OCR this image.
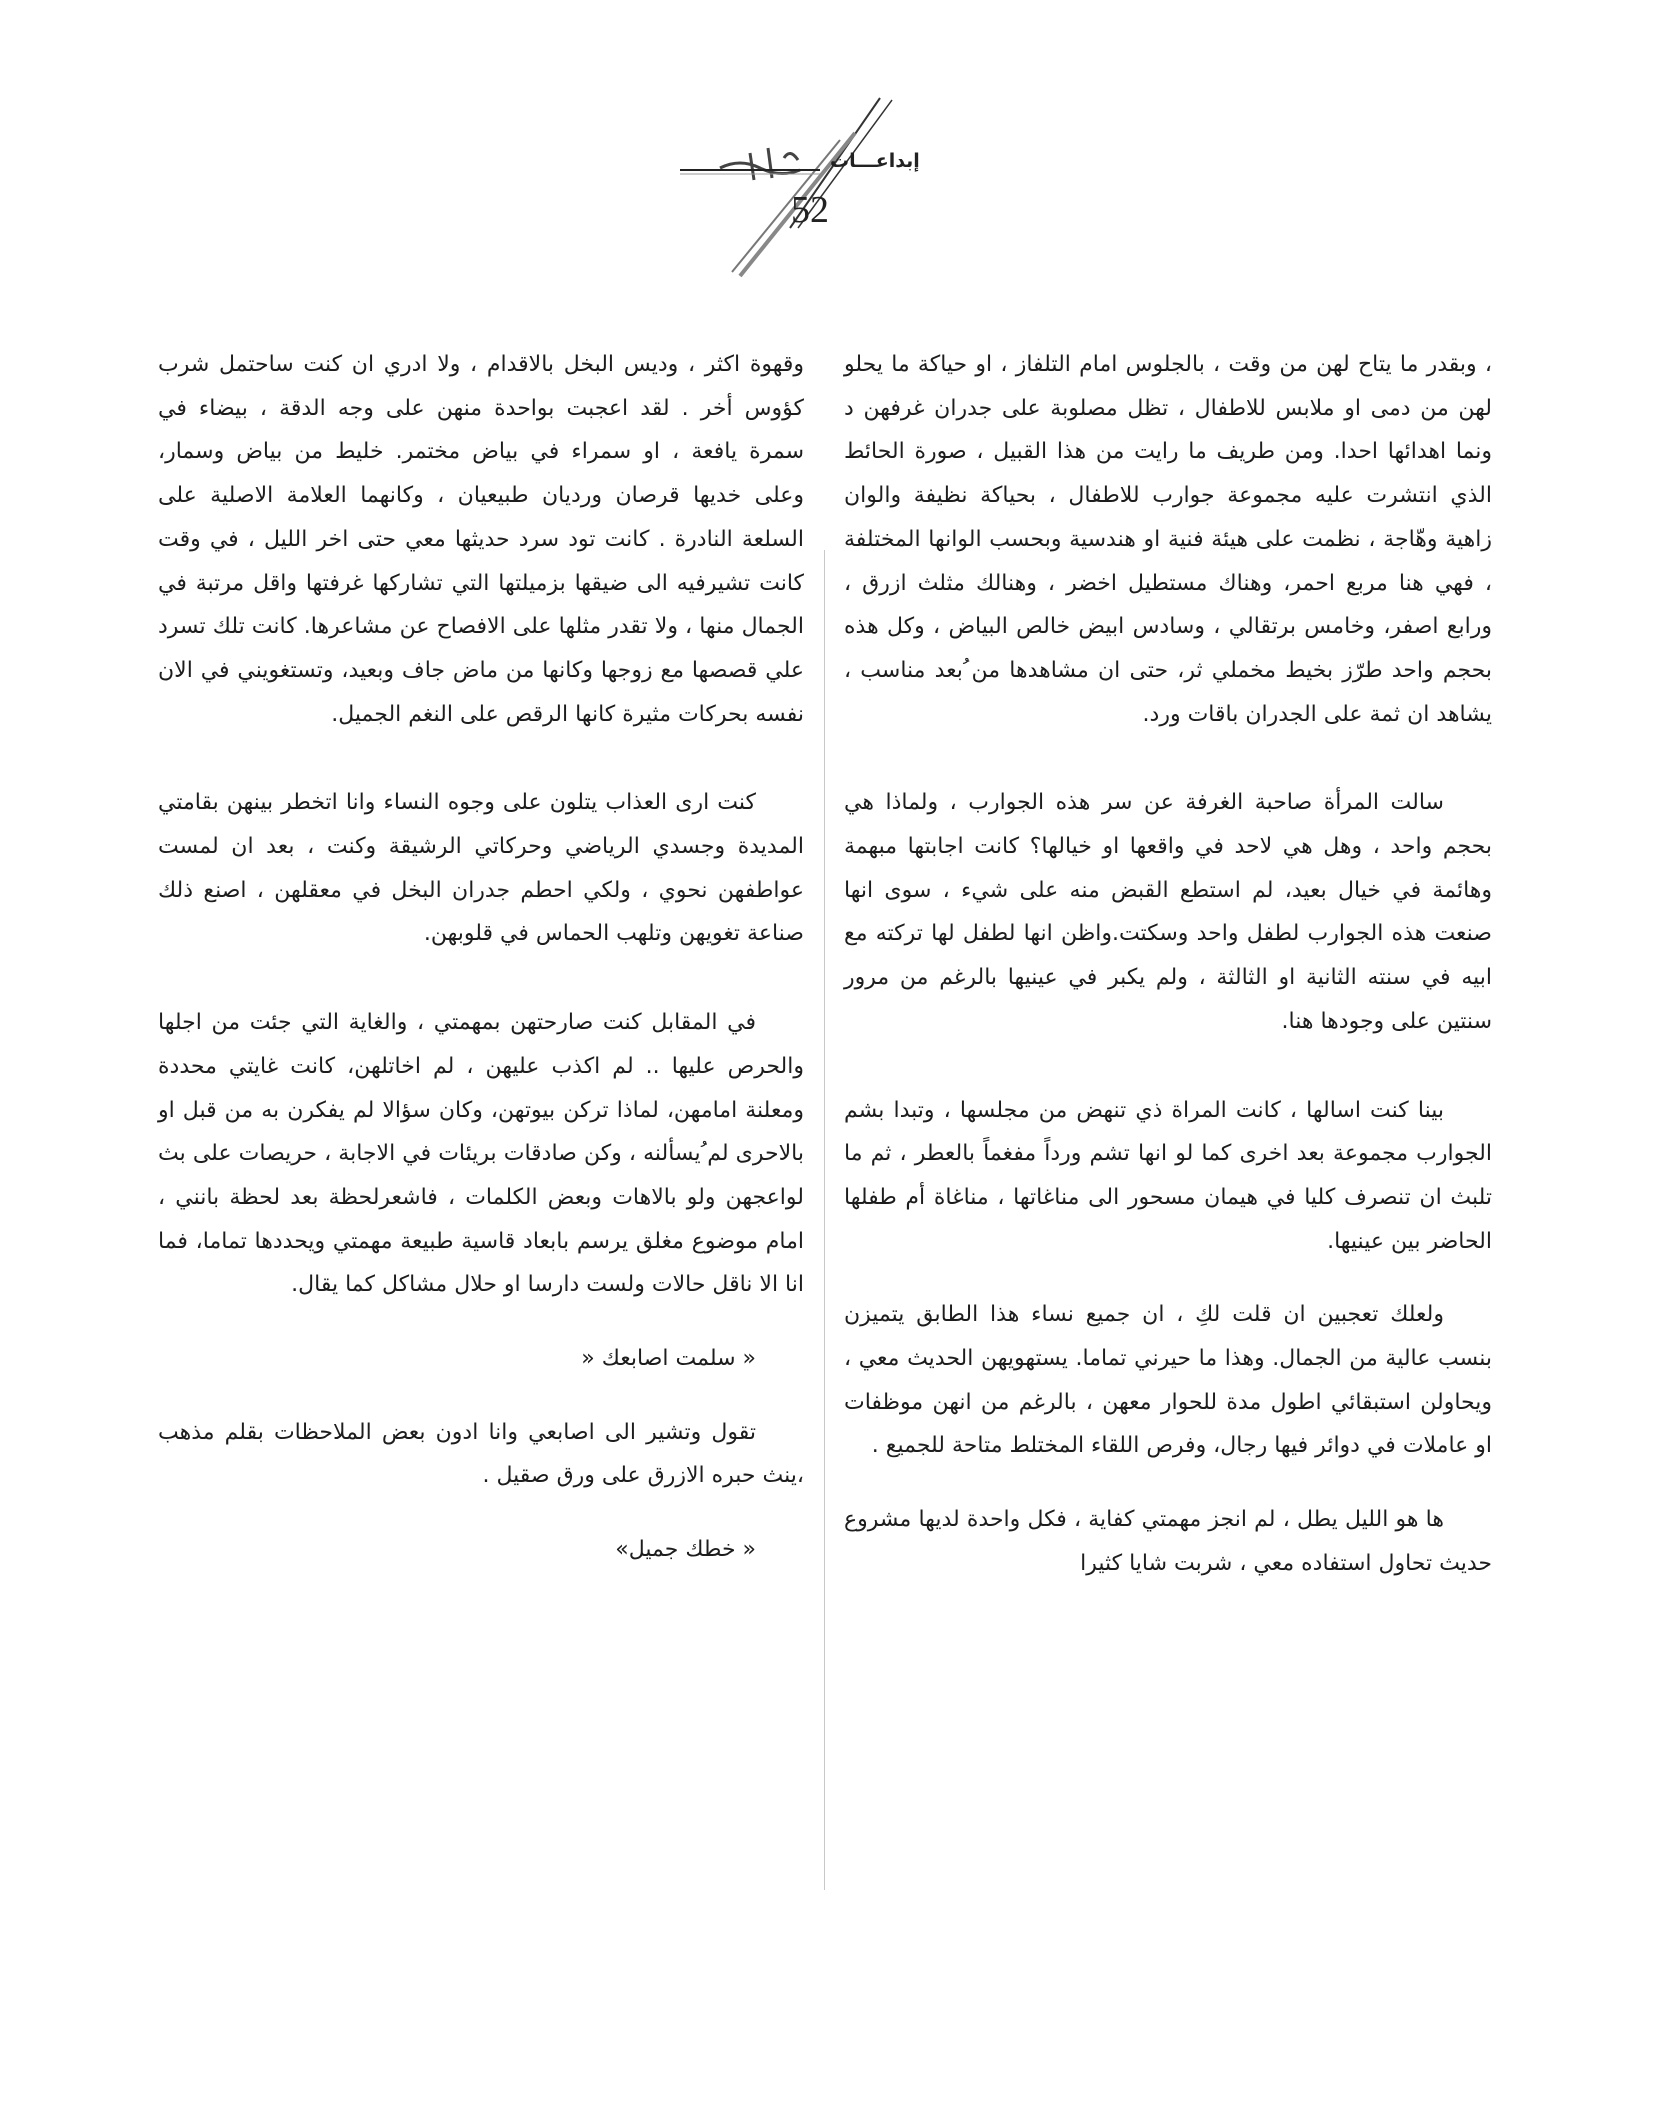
إبداعـــات
52

، وبقدر ما يتاح لهن من وقت ، بالجلوس امام التلفاز ، او حياكة ما يحلو لهن من دمى او ملابس للاطفال ، تظل مصلوبة على جدران غرفهن د ونما اهدائها احدا. ومن طريف ما رايت من هذا القبيل ، صورة الحائط الذي انتشرت عليه مجموعة جوارب للاطفال ، بحياكة نظيفة والوان زاهية وهّاجة ، نظمت على هيئة فنية او هندسية وبحسب الوانها المختلفة ، فهي هنا مربع احمر، وهناك مستطيل اخضر ، وهنالك مثلث ازرق ، ورابع اصفر، وخامس برتقالي ، وسادس ابيض خالص البياض ، وكل هذه بحجم واحد طرّز بخيط مخملي ثر، حتى ان مشاهدها من ُبعد مناسب ، يشاهد ان ثمة على الجدران باقات ورد.

سالت المرأة صاحبة الغرفة عن سر هذه الجوارب ، ولماذا هي بحجم واحد ، وهل هي لاحد في واقعها او خيالها؟ كانت اجابتها مبهمة وهائمة في خيال بعيد، لم استطع القبض منه على شيء ، سوى انها صنعت هذه الجوارب لطفل واحد وسكتت.واظن انها لطفل لها تركته مع ابيه في سنته الثانية او الثالثة ، ولم يكبر في عينيها بالرغم من مرور سنتين على وجودها هنا.

بينا كنت اسالها ، كانت المراة ذي تنهض من مجلسها ، وتبدا بشم الجوارب مجموعة بعد اخرى كما لو انها تشم ورداً مفغماً بالعطر ، ثم ما تلبث ان تنصرف كليا في هيمان مسحور الى مناغاتها ، مناغاة أم طفلها الحاضر بين عينيها.

ولعلك تعجبين ان قلت لكِ ، ان جميع نساء هذا الطابق يتميزن بنسب عالية من الجمال. وهذا ما حيرني تماما. يستهويهن الحديث معي ، ويحاولن استبقائي اطول مدة للحوار معهن ، بالرغم من انهن موظفات او عاملات في دوائر فيها رجال، وفرص اللقاء المختلط متاحة للجميع .

ها هو الليل يطل ، لم انجز مهمتي كفاية ، فكل واحدة لديها مشروع حديث تحاول استفاده معي ، شربت شايا كثيرا

وقهوة اكثر ، ودیس البخل بالاقدام ، ولا ادري ان كنت ساحتمل شرب كؤوس أخر . لقد اعجبت بواحدة منهن على وجه الدقة ، بيضاء في سمرة يافعة ، او سمراء في بياض مختمر. خليط من بياض وسمار، وعلى خديها قرصان ورديان طبيعيان ، وكانهما العلامة الاصلية على السلعة النادرة . كانت تود سرد حديثها معي حتى اخر الليل ، في وقت كانت تشيرفيه الى ضيقها بزميلتها التي تشاركها غرفتها واقل مرتبة في الجمال منها ، ولا تقدر مثلها على الافصاح عن مشاعرها. كانت تلك تسرد علي قصصها مع زوجها وكانها من ماض جاف وبعيد، وتستغويني في الان نفسه بحركات مثيرة كانها الرقص على النغم الجميل.

كنت ارى العذاب يتلون على وجوه النساء وانا اتخطر بينهن بقامتي المديدة وجسدي الرياضي وحركاتي الرشيقة وكنت ، بعد ان لمست عواطفهن نحوي ، ولكي احطم جدران البخل في معقلهن ، اصنع ذلك صناعة تغويهن وتلهب الحماس في قلوبهن.

في المقابل كنت صارحتهن بمهمتي ، والغاية التي جئت من اجلها والحرص عليها .. لم اكذب عليهن ، لم اخاتلهن، كانت غايتي محددة ومعلنة امامهن، لماذا تركن بيوتهن، وكان سؤالا لم يفكرن به من قبل او بالاحرى لم ُيسألنه ، وكن صادقات بريئات في الاجابة ، حريصات على بث لواعجهن ولو بالاهات وبعض الكلمات ، فاشعرلحظة بعد لحظة بانني ، امام موضوع مغلق يرسم بابعاد قاسية طبيعة مهمتي ويحددها تماما، فما انا الا ناقل حالات ولست دارسا او حلال مشاكل كما يقال.

« سلمت اصابعك «

تقول وتشير الى اصابعي وانا ادون بعض الملاحظات بقلم مذهب ،ينث حبره الازرق على ورق صقيل .

« خطك جميل»
